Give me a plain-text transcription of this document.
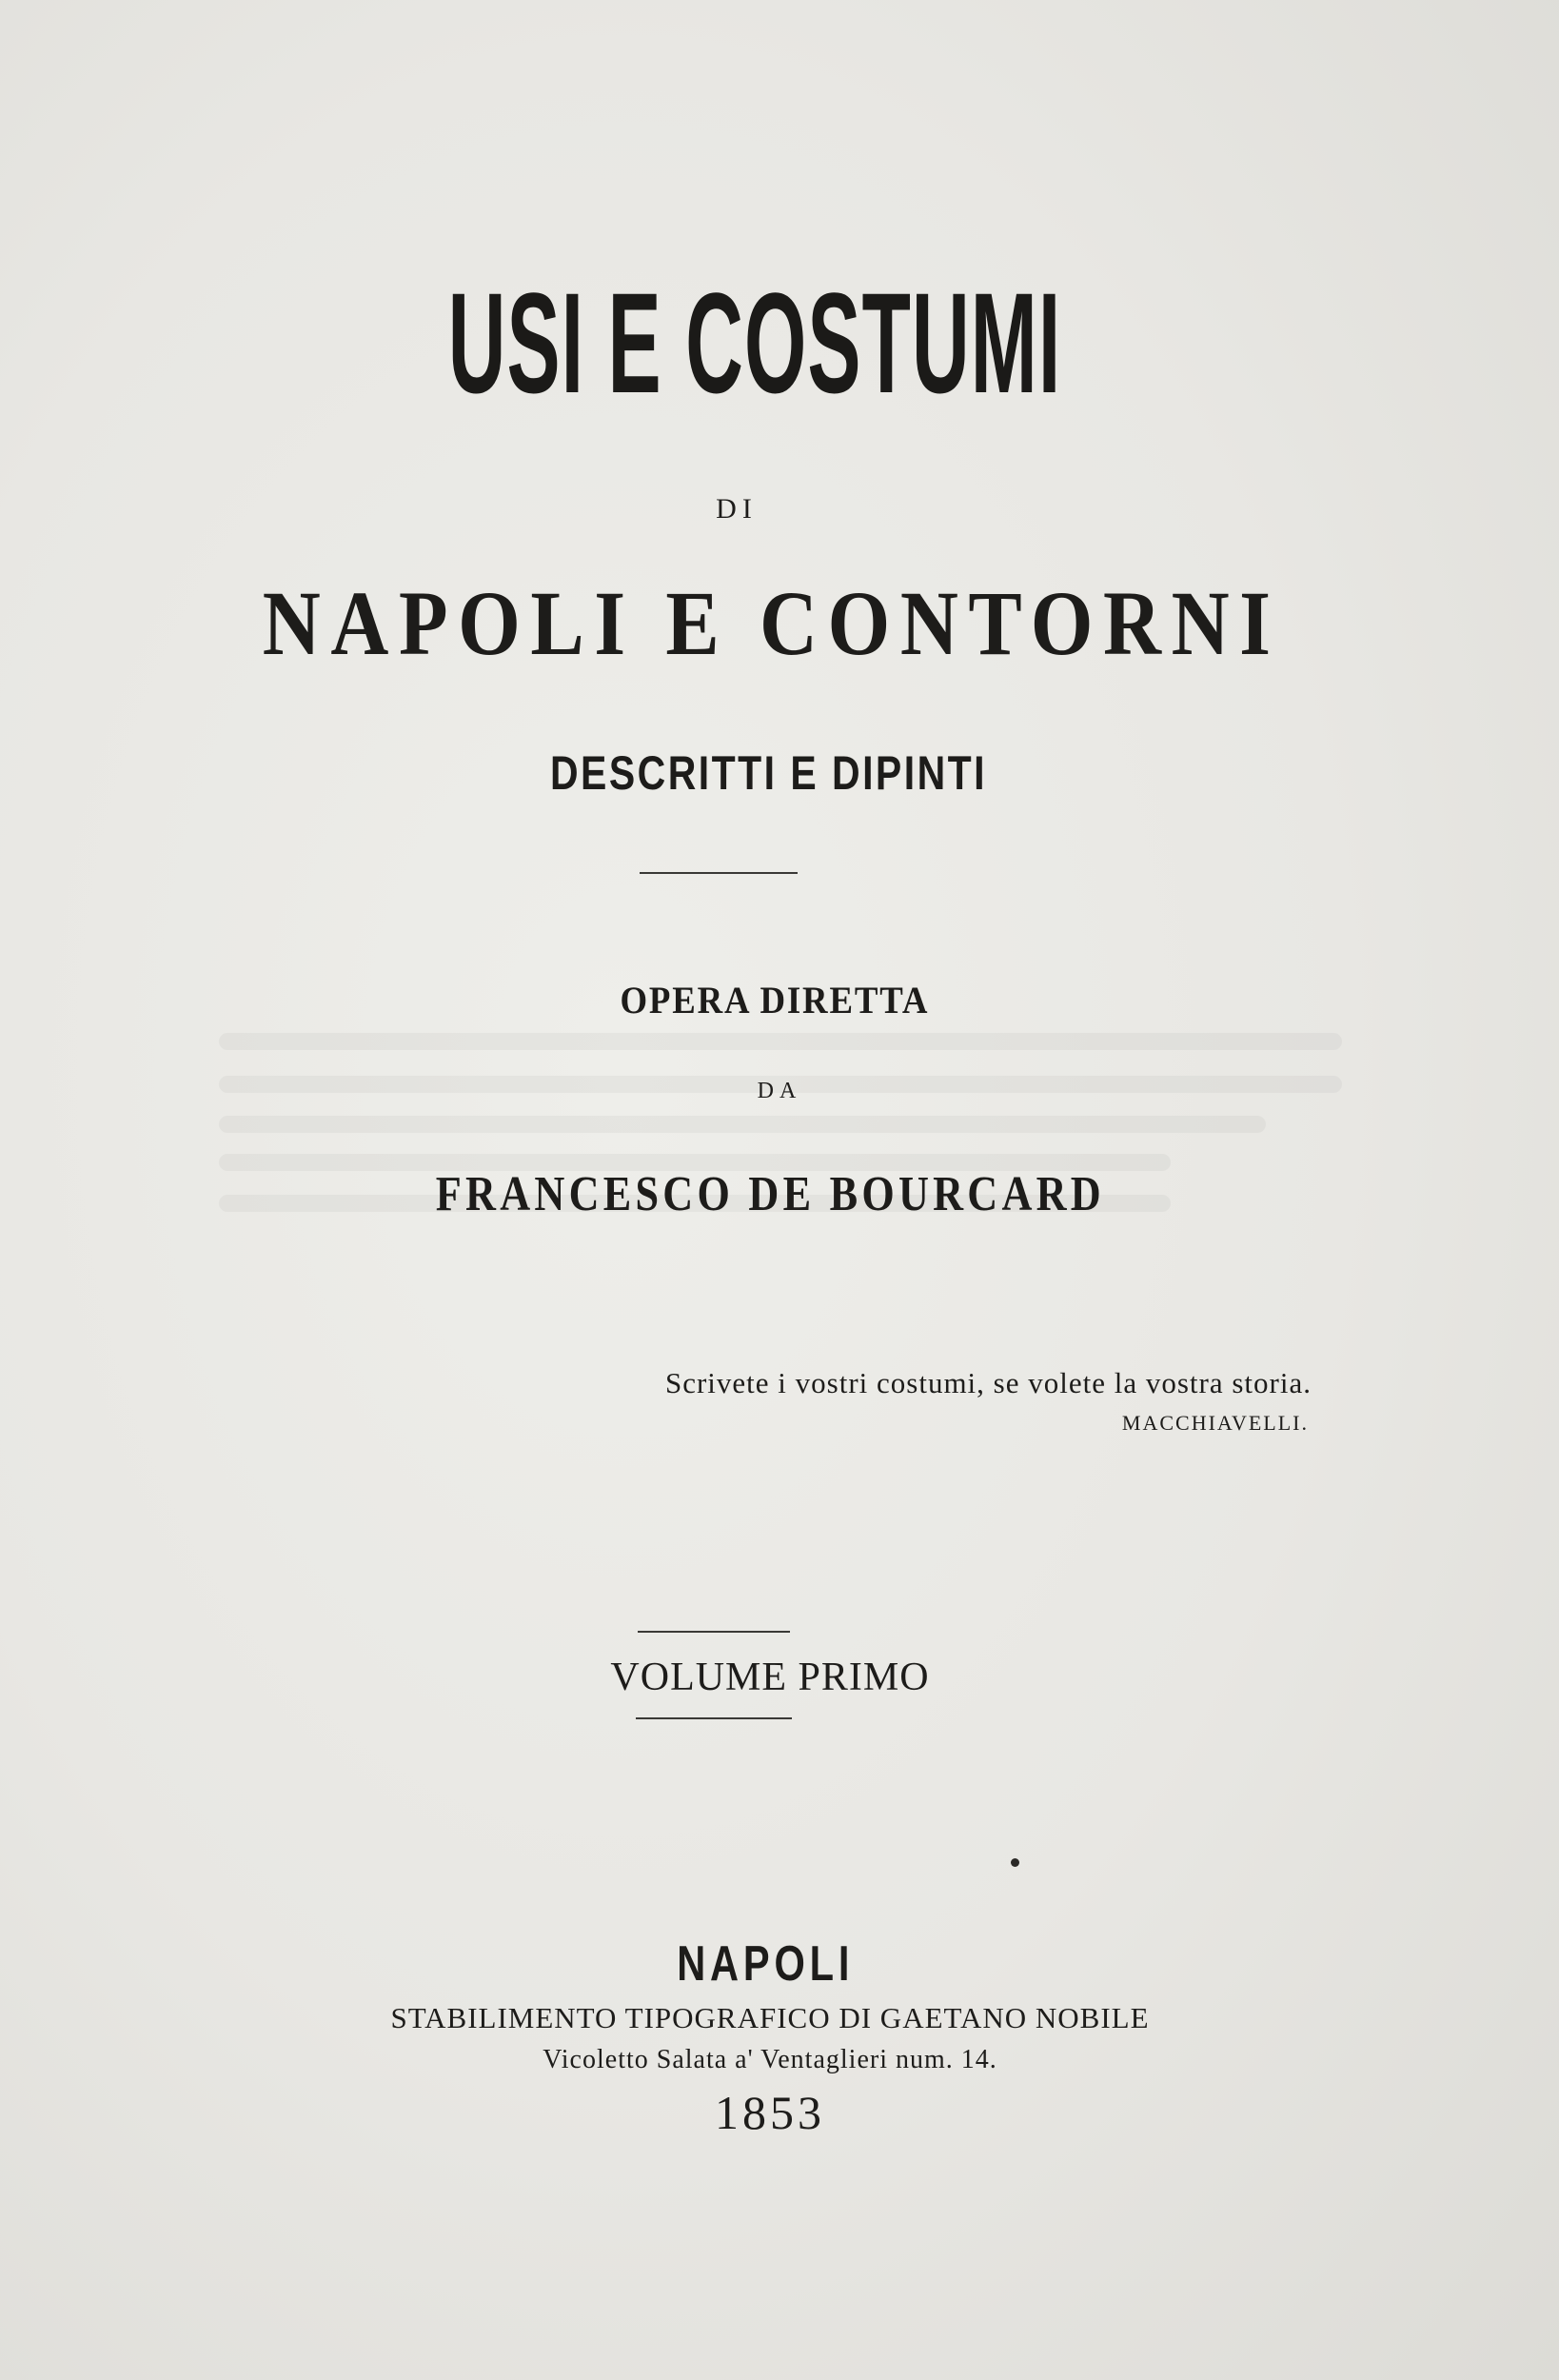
USI E COSTUMI
DI
NAPOLI E CONTORNI
DESCRITTI E DIPINTI
OPERA DIRETTA
DA
FRANCESCO DE BOURCARD
Scrivete i vostri costumi, se volete la vostra storia.
MACCHIAVELLI.
VOLUME PRIMO
NAPOLI
STABILIMENTO TIPOGRAFICO DI GAETANO NOBILE
Vicoletto Salata a' Ventaglieri num. 14.
1853
